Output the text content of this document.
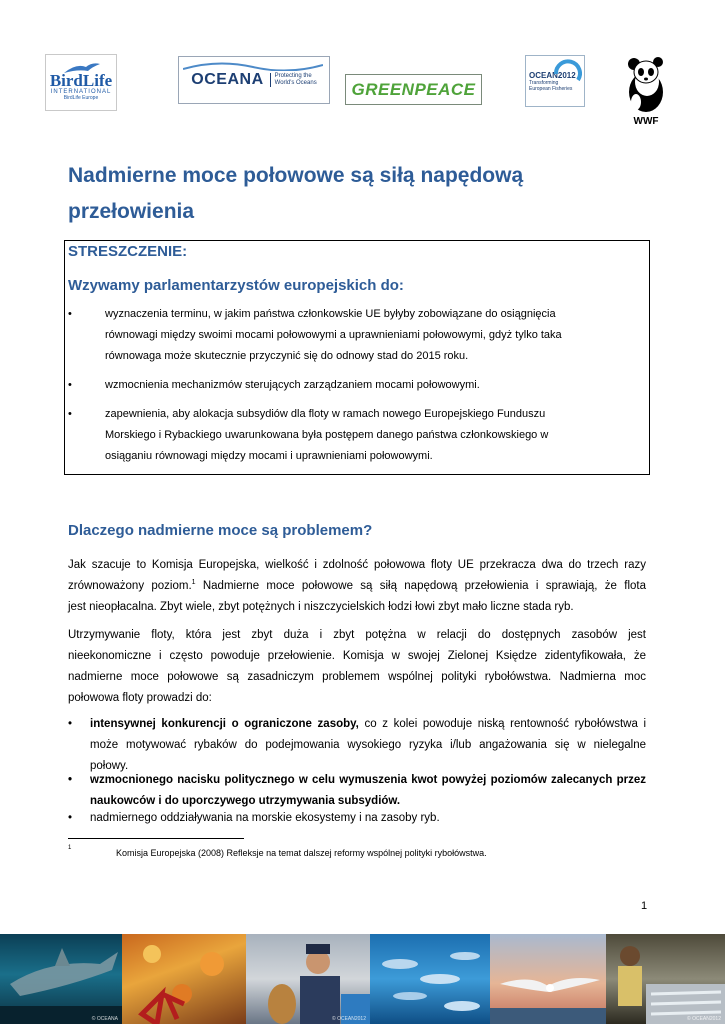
BirdLife
INTERNATIONAL
BirdLife Europe
OCEANA	Protecting the
World's Oceans GREENPEACE
OCEAN2012
Transforming
European Fisheries
WWF
Nadmierne moce połowowe są siłą napędową
przełowienia
STRESZCZENIE:
Wzywamy parlamentarzystów europejskich do:
•	wyznaczenia terminu, w jakim państwa członkowskie UE byłyby zobowiązane do osiągnięcia
równowagi między swoimi mocami połowowymi a uprawnieniami połowowymi, gdyż tylko taka
równowaga może skutecznie przyczynić się do odnowy stad do 2015 roku.
•	wzmocnienia mechanizmów sterujących zarządzaniem mocami połowowymi.
•	zapewnienia, aby alokacja subsydiów dla floty w ramach nowego Europejskiego Funduszu
Morskiego i Rybackiego uwarunkowana była postępem danego państwa członkowskiego w
osiąganiu równowagi między mocami i uprawnieniami połowowymi.
Dlaczego nadmierne moce są problemem?
Jak szacuje to Komisja Europejska, wielkość i zdolność połowowa floty UE przekracza dwa do trzech razy
zrównoważony poziom.$^1$ Nadmierne moce połowowe są siłą napędową przełowienia i sprawiają, że flota
jest nieopłacalna. Zbyt wiele, zbyt potężnych i niszczycielskich łodzi łowi zbyt mało liczne stada ryb.
Utrzymywanie floty, która jest zbyt duża i zbyt potężna w relacji do dostępnych zasobów jest
nieekonomiczne i często powoduje przełowienie. Komisja w swojej Zielonej Księdze zidentyfikowała, że
nadmierne moce połowowe są zasadniczym problemem wspólnej polityki rybołówstwa. Nadmierna moc
połowowa floty prowadzi do:
• intensywnej konkurencji o ograniczone zasoby, co z kolei powoduje niską rentowność rybołówstwa i
może motywować rybaków do podejmowania wysokiego ryzyka i/lub angażowania się w nielegalne
połowy.
• wzmocnionego nacisku politycznego w celu wymuszenia kwot powyżej poziomów zalecanych przez
naukowców i do uporczywego utrzymywania subsydiów.
• nadmiernego oddziaływania na morskie ekosystemy i na zasoby ryb.
1	Komisja Europejska (2008) Refleksje na temat dalszej reformy wspólnej polityki rybołówstwa.
1
© OCEANA	© OCEAN2012	© OCEAN2012
